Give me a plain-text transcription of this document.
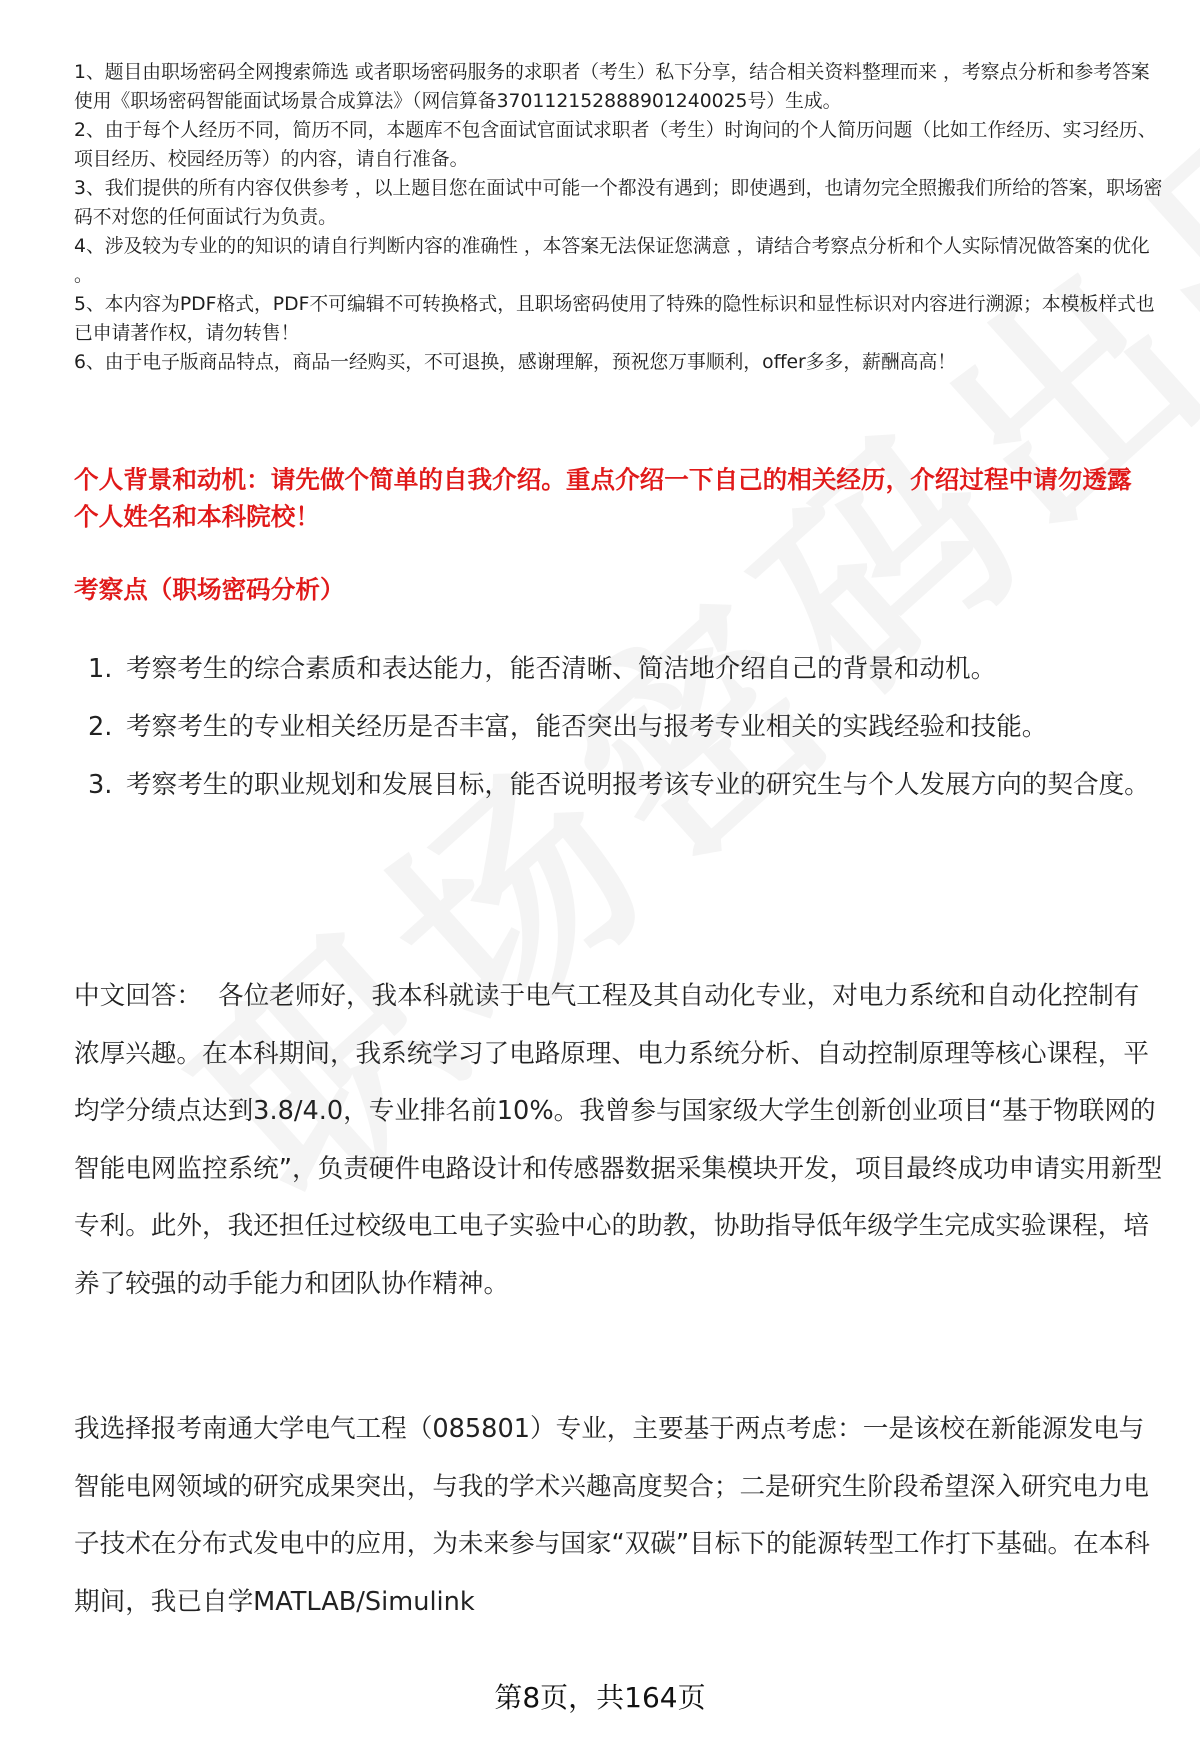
1、题目由职场密码全网搜索筛选 或者职场密码服务的求职者（考生）私下分享，结合相关资料整理而来 ，考察点分析和参考答案使用《职场密码智能面试场景合成算法》（网信算备370112152888901240025号）生成。

2、由于每个人经历不同，简历不同，本题库不包含面试官面试求职者（考生）时询问的个人简历问题（比如工作经历、实习经历、项目经历、校园经历等）的内容，请自行准备。

3、我们提供的所有内容仅供参考 ，以上题目您在面试中可能一个都没有遇到；即使遇到，也请勿完全照搬我们所给的答案，职场密码不对您的任何面试行为负责。

4、涉及较为专业的的知识的请自行判断内容的准确性 ，本答案无法保证您满意 ，请结合考察点分析和个人实际情况做答案的优化 。

5、本内容为PDF格式，PDF不可编辑不可转换格式，且职场密码使用了特殊的隐性标识和显性标识对内容进行溯源；本模板样式也已申请著作权，请勿转售！

6、由于电子版商品特点，商品一经购买，不可退换，感谢理解，预祝您万事顺利，offer多多，薪酬高高！

个人背景和动机：请先做个简单的自我介绍。重点介绍一下自己的相关经历，介绍过程中请勿透露个人姓名和本科院校！
考察点（职场密码分析）
1. 考察考生的综合素质和表达能力，能否清晰、简洁地介绍自己的背景和动机。
2. 考察考生的专业相关经历是否丰富，能否突出与报考专业相关的实践经验和技能。
3. 考察考生的职业规划和发展目标，能否说明报考该专业的研究生与个人发展方向的契合度。

中文回答： 各位老师好，我本科就读于电气工程及其自动化专业，对电力系统和自动化控制有浓厚兴趣。在本科期间，我系统学习了电路原理、电力系统分析、自动控制原理等核心课程，平均学分绩点达到3.8/4.0，专业排名前10%。我曾参与国家级大学生创新创业项目“基于物联网的智能电网监控系统”，负责硬件电路设计和传感器数据采集模块开发，项目最终成功申请实用新型专利。此外，我还担任过校级电工电子实验中心的助教，协助指导低年级学生完成实验课程，培养了较强的动手能力和团队协作精神。

我选择报考南通大学电气工程（085801）专业，主要基于两点考虑：一是该校在新能源发电与智能电网领域的研究成果突出，与我的学术兴趣高度契合；二是研究生阶段希望深入研究电力电子技术在分布式发电中的应用，为未来参与国家“双碳”目标下的能源转型工作打下基础。在本科期间，我已自学MATLAB/Simulink

第8页，共164页
